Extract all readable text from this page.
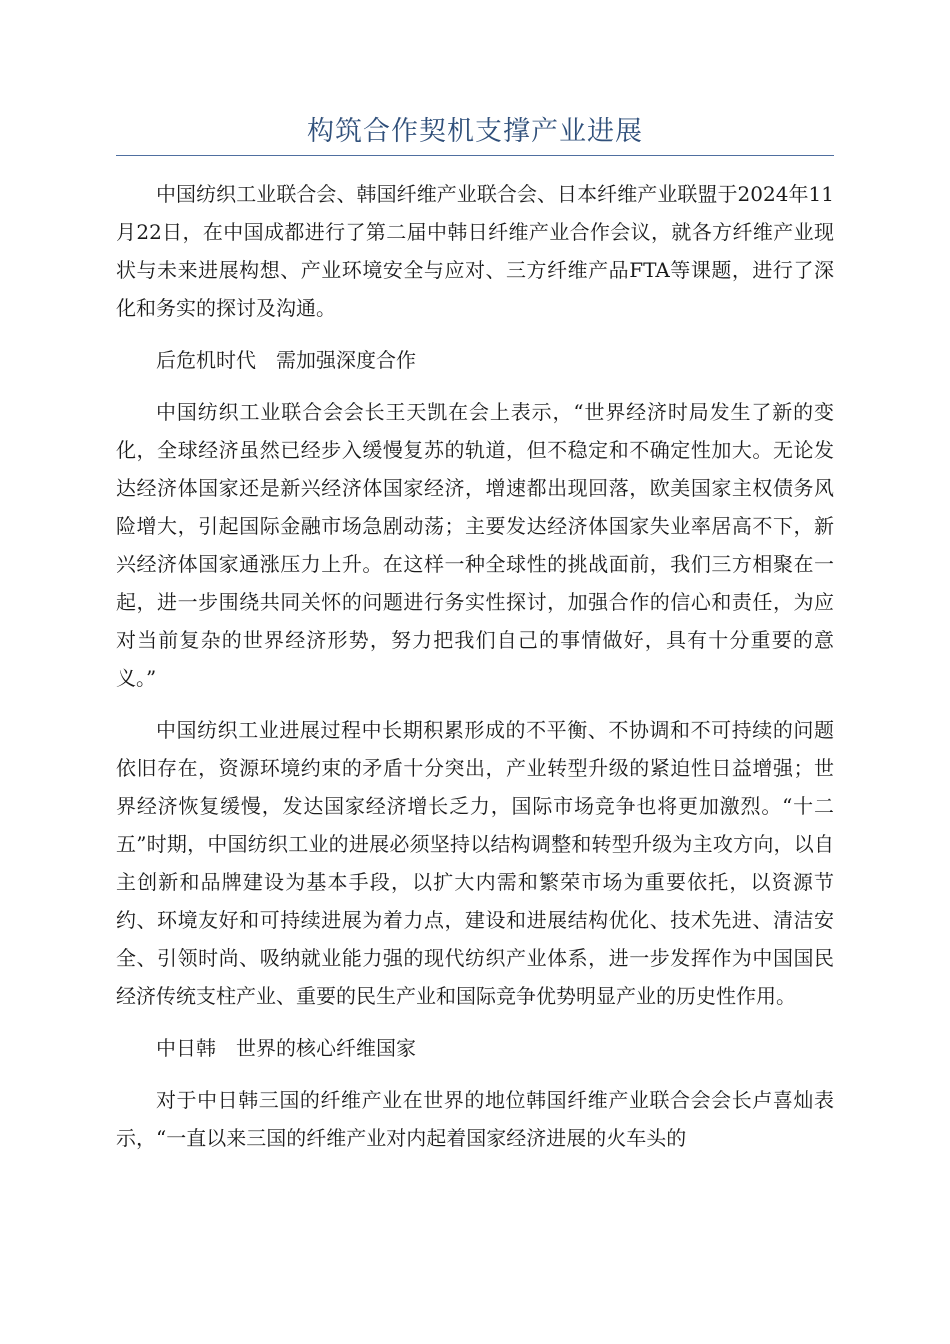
构筑合作契机支撑产业进展

中国纺织工业联合会、韩国纤维产业联合会、日本纤维产业联盟于2024年11月22日，在中国成都进行了第二届中韩日纤维产业合作会议，就各方纤维产业现状与未来进展构想、产业环境安全与应对、三方纤维产品FTA等课题，进行了深化和务实的探讨及沟通。

后危机时代　需加强深度合作

中国纺织工业联合会会长王天凯在会上表示，“世界经济时局发生了新的变化，全球经济虽然已经步入缓慢复苏的轨道，但不稳定和不确定性加大。无论发达经济体国家还是新兴经济体国家经济，增速都出现回落，欧美国家主权债务风险增大，引起国际金融市场急剧动荡；主要发达经济体国家失业率居高不下，新兴经济体国家通涨压力上升。在这样一种全球性的挑战面前，我们三方相聚在一起，进一步围绕共同关怀的问题进行务实性探讨，加强合作的信心和责任，为应对当前复杂的世界经济形势，努力把我们自己的事情做好，具有十分重要的意义。”

中国纺织工业进展过程中长期积累形成的不平衡、不协调和不可持续的问题依旧存在，资源环境约束的矛盾十分突出，产业转型升级的紧迫性日益增强；世界经济恢复缓慢，发达国家经济增长乏力，国际市场竞争也将更加激烈。“十二五”时期，中国纺织工业的进展必须坚持以结构调整和转型升级为主攻方向，以自主创新和品牌建设为基本手段，以扩大内需和繁荣市场为重要依托，以资源节约、环境友好和可持续进展为着力点，建设和进展结构优化、技术先进、清洁安全、引领时尚、吸纳就业能力强的现代纺织产业体系，进一步发挥作为中国国民经济传统支柱产业、重要的民生产业和国际竞争优势明显产业的历史性作用。

中日韩　世界的核心纤维国家

对于中日韩三国的纤维产业在世界的地位韩国纤维产业联合会会长卢喜灿表示，“一直以来三国的纤维产业对内起着国家经济进展的火车头的
